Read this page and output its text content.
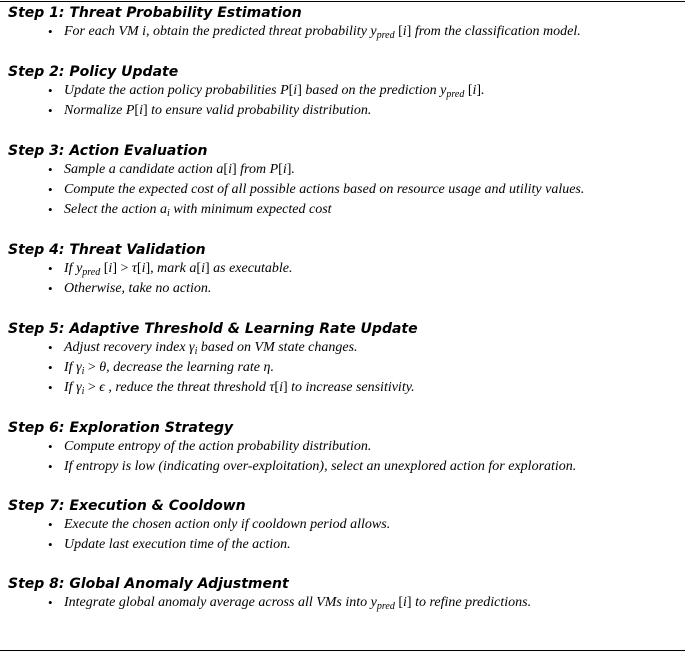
Step 1: Threat Probability Estimation

• For each VM i, obtain the predicted threat probability $y_{pred}$ [i] from the classification model.

Step 2: Policy Update

• Update the action policy probabilities P[i] based on the prediction $y_{pred}$ [i].
• Normalize P[i] to ensure valid probability distribution.

Step 3: Action Evaluation

• Sample a candidate action a[i] from P[i].
• Compute the expected cost of all possible actions based on resource usage and utility values.
• Select the action $a_i$ with minimum expected cost

Step 4: Threat Validation

• If $y_{pred}$ [i] > τ[i], mark a[i] as executable.
• Otherwise, take no action.

Step 5: Adaptive Threshold & Learning Rate Update

• Adjust recovery index $\gamma_i$ based on VM state changes.
• If $\gamma_i > \theta$, decrease the learning rate η.
• If $\gamma_i > \epsilon$ , reduce the threat threshold τ[i] to increase sensitivity.

Step 6: Exploration Strategy

• Compute entropy of the action probability distribution.
• If entropy is low (indicating over-exploitation), select an unexplored action for exploration.

Step 7: Execution & Cooldown

• Execute the chosen action only if cooldown period allows.
• Update last execution time of the action.

Step 8: Global Anomaly Adjustment

• Integrate global anomaly average across all VMs into $y_{pred}$ [i] to refine predictions.
